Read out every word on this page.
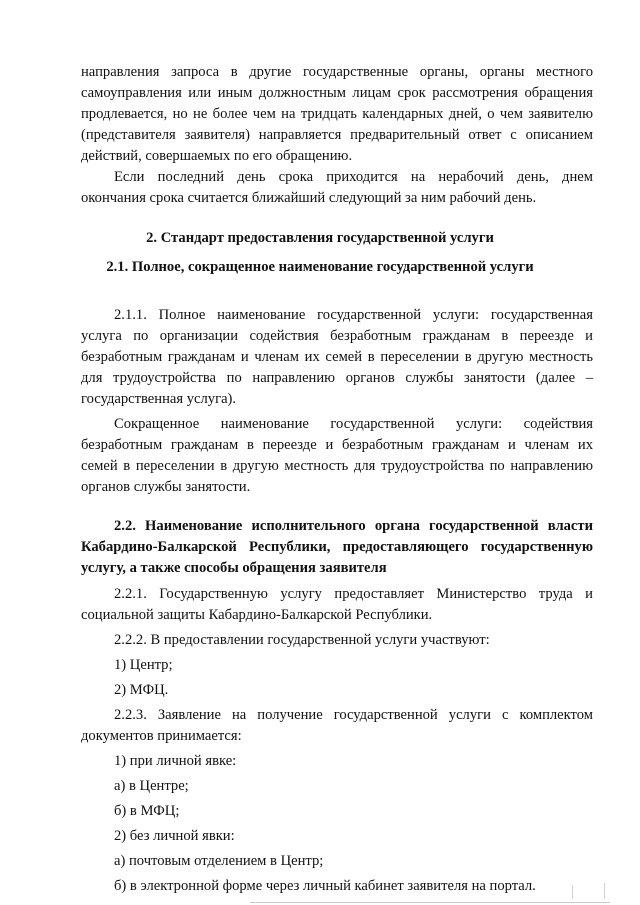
направления запроса в другие государственные органы, органы местного

самоуправления или иным должностным лицам срок рассмотрения обращения

продлевается, но не более чем на тридцать календарных дней, о чем заявителю

(представителя заявителя) направляется предварительный ответ с описанием

действий, совершаемых по его обращению.

Если последний день срока приходится на нерабочий день, днем

окончания срока считается ближайший следующий за ним рабочий день.

2. Стандарт предоставления государственной услуги

2.1. Полное, сокращенное наименование государственной услуги

2.1.1. Полное наименование государственной услуги: государственная

услуга по организации содействия безработным гражданам в переезде и

безработным гражданам и членам их семей в переселении в другую местность

для трудоустройства по направлению органов службы занятости (далее –

государственная услуга).

Сокращенное наименование государственной услуги: содействия

безработным гражданам в переезде и безработным гражданам и членам их

семей в переселении в другую местность для трудоустройства по направлению

органов службы занятости.

2.2. Наименование исполнительного органа государственной власти

Кабардино-Балкарской Республики, предоставляющего государственную

услугу, а также способы обращения заявителя

2.2.1. Государственную услугу предоставляет Министерство труда и

социальной защиты Кабардино-Балкарской Республики.

2.2.2. В предоставлении государственной услуги участвуют:

1) Центр;

2) МФЦ.

2.2.3. Заявление на получение государственной услуги с комплектом

документов принимается:

1) при личной явке:

а) в Центре;

б) в МФЦ;

2) без личной явки:

а) почтовым отделением в Центр;

б) в электронной форме через личный кабинет заявителя на портал.
